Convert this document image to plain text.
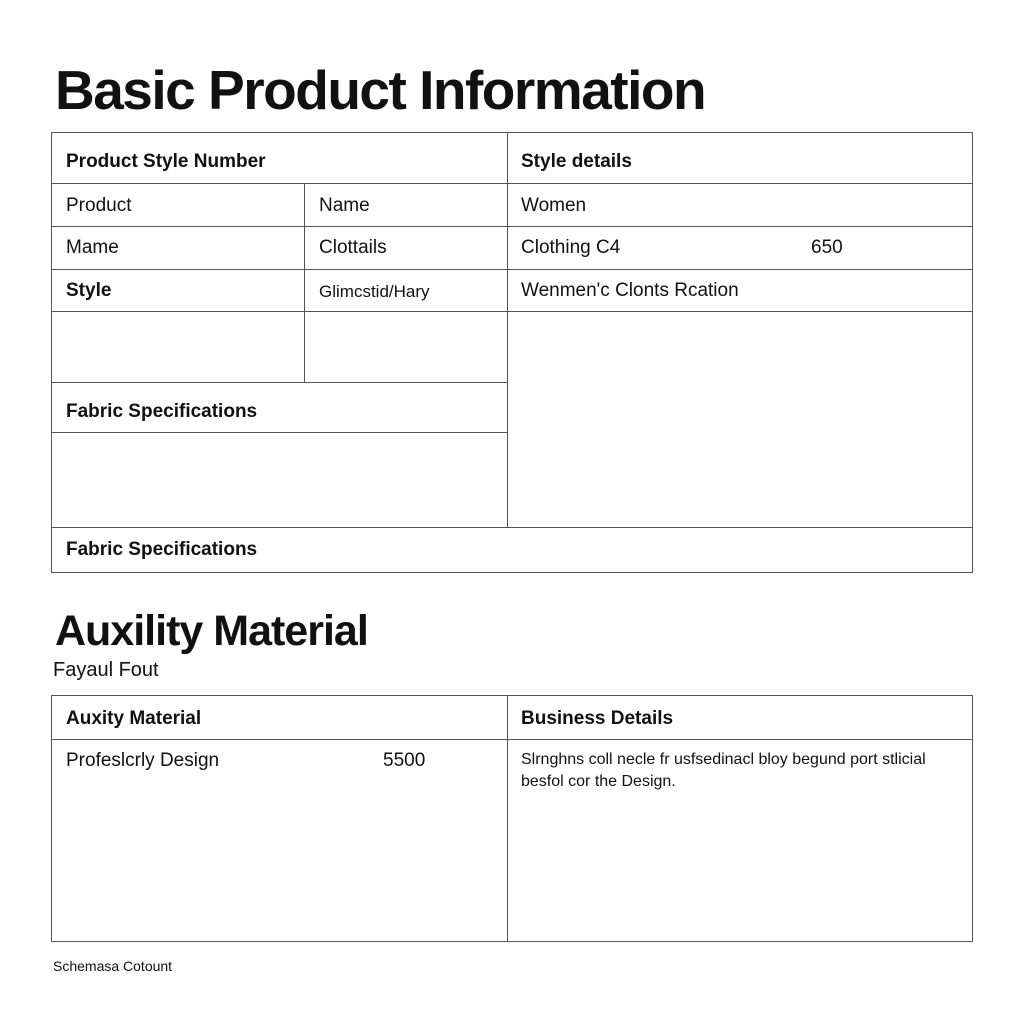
Basic Product Information
Product Style Number	Style details
Product	Name	Women
Mame	Clottails	Clothing C4	650
Style	Glimcstid/Hary	Wenmen'c Clonts Rcation
Fabric Specifications
Fabric Specifications
Auxility Material
Fayaul Fout
Auxity Material	Business Details
Profeslcrly Design	5500	Slrnghns coll necle fr usfsedinacl bloy begund port stlicial besfol cor the Design.
Schemasa Cotount
